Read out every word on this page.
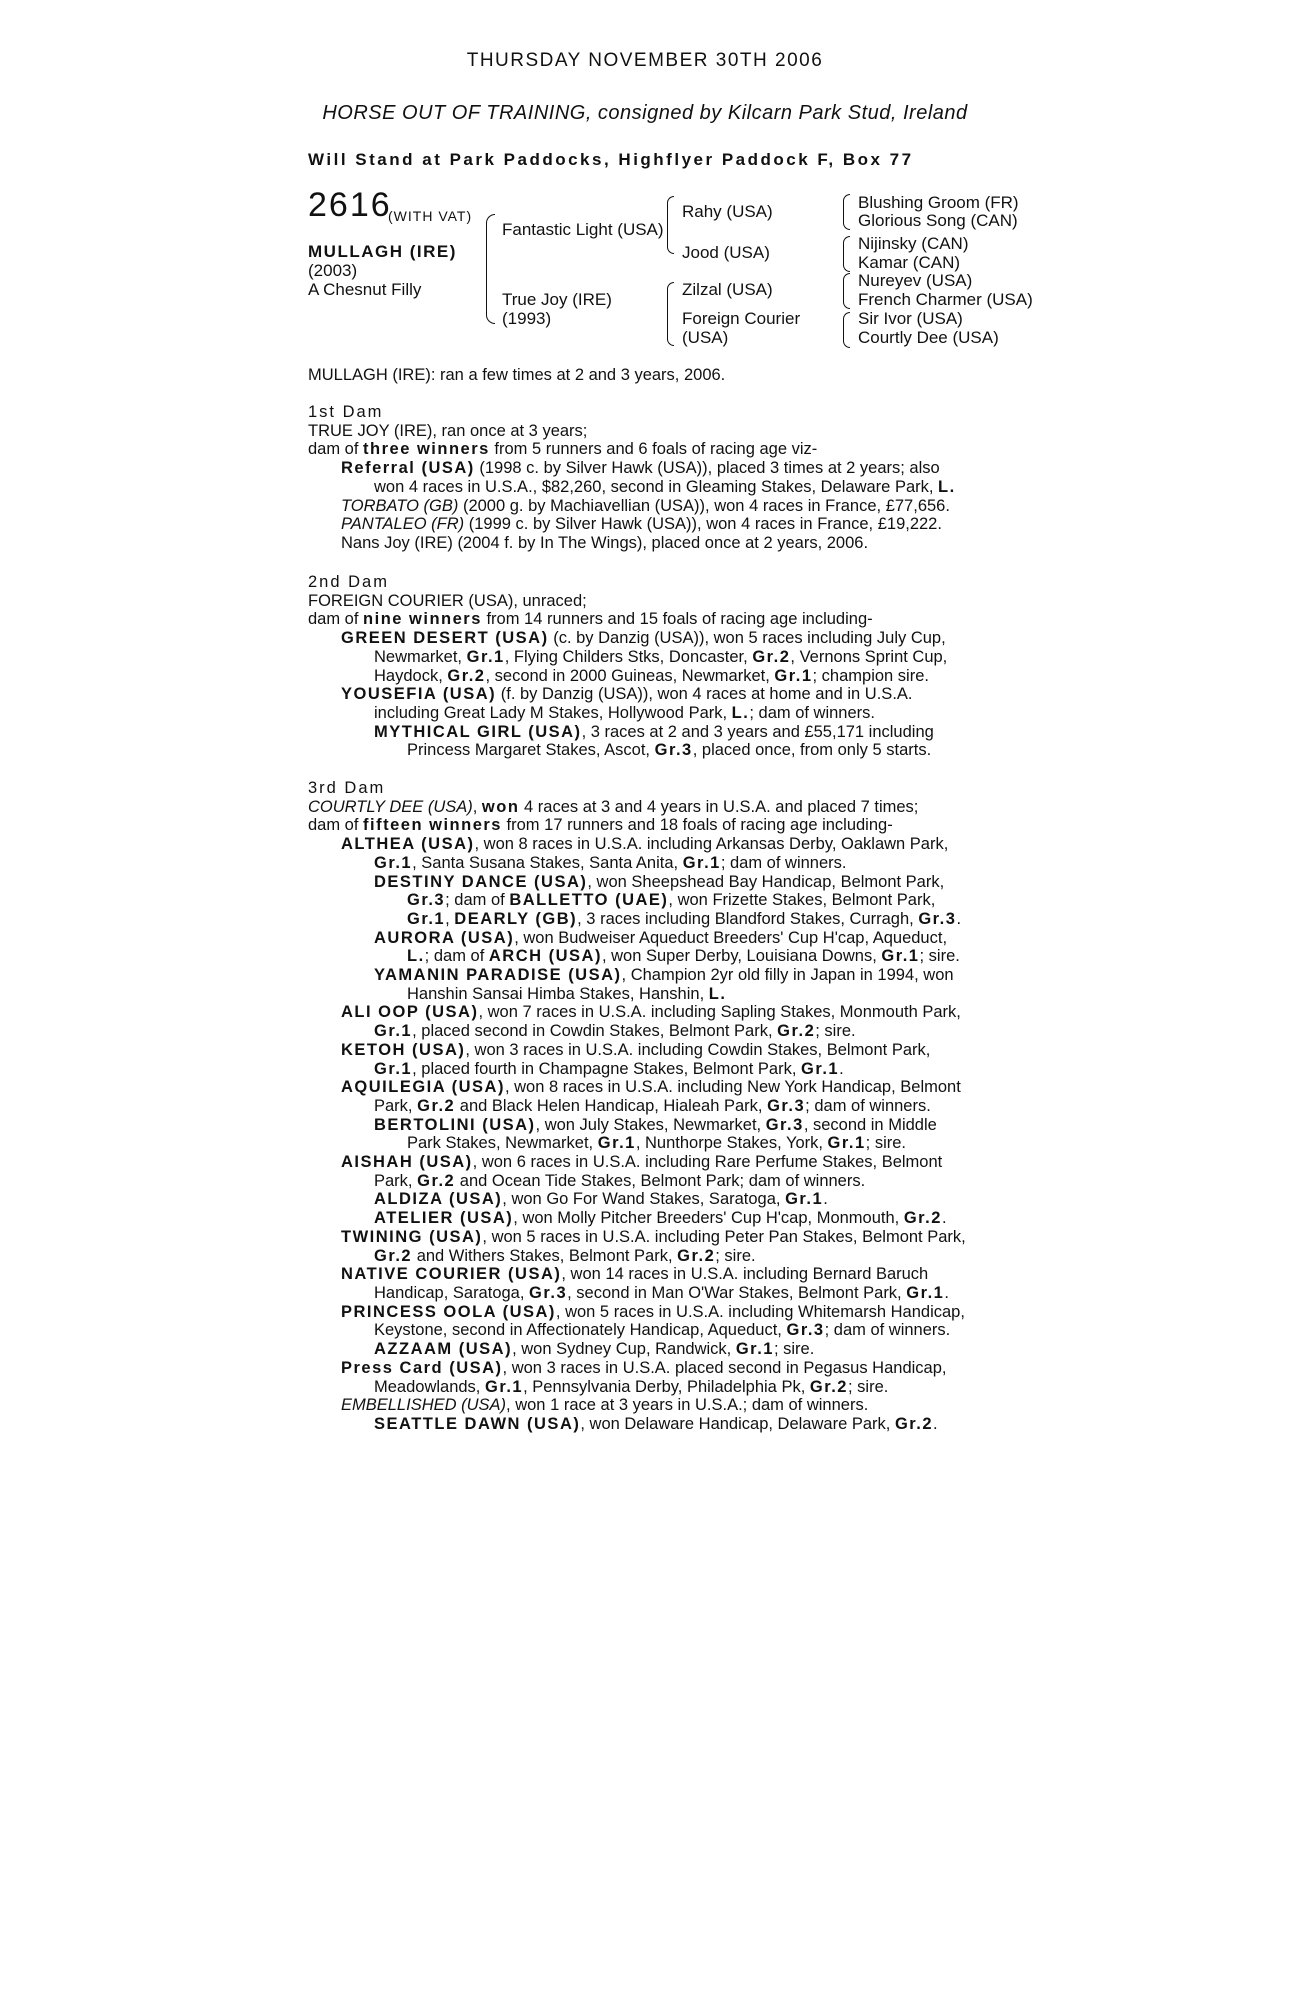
THURSDAY NOVEMBER 30TH 2006
HORSE OUT OF TRAINING, consigned by Kilcarn Park Stud, Ireland
Will Stand at Park Paddocks, Highflyer Paddock F, Box 77
2616
(WITH VAT)
MULLAGH (IRE)
(2003)
A Chesnut Filly
Fantastic Light (USA)
True Joy (IRE)
(1993)
Rahy (USA)
Jood (USA)
Zilzal (USA)
Foreign Courier
(USA)
Blushing Groom (FR)
Glorious Song (CAN)
Nijinsky (CAN)
Kamar (CAN)
Nureyev (USA)
French Charmer (USA)
Sir Ivor (USA)
Courtly Dee (USA)
MULLAGH (IRE): ran a few times at 2 and 3 years, 2006.
1st Dam
TRUE JOY (IRE), ran once at 3 years;
dam of three winners from 5 runners and 6 foals of racing age viz-
Referral (USA) (1998 c. by Silver Hawk (USA)), placed 3 times at 2 years; also
won 4 races in U.S.A., $82,260, second in Gleaming Stakes, Delaware Park, L.
TORBATO (GB) (2000 g. by Machiavellian (USA)), won 4 races in France, £77,656.
PANTALEO (FR) (1999 c. by Silver Hawk (USA)), won 4 races in France, £19,222.
Nans Joy (IRE) (2004 f. by In The Wings), placed once at 2 years, 2006.
2nd Dam
FOREIGN COURIER (USA), unraced;
dam of nine winners from 14 runners and 15 foals of racing age including-
GREEN DESERT (USA) (c. by Danzig (USA)), won 5 races including July Cup,
Newmarket, Gr.1, Flying Childers Stks, Doncaster, Gr.2, Vernons Sprint Cup,
Haydock, Gr.2, second in 2000 Guineas, Newmarket, Gr.1; champion sire.
YOUSEFIA (USA) (f. by Danzig (USA)), won 4 races at home and in U.S.A.
including Great Lady M Stakes, Hollywood Park, L.; dam of winners.
MYTHICAL GIRL (USA), 3 races at 2 and 3 years and £55,171 including
Princess Margaret Stakes, Ascot, Gr.3, placed once, from only 5 starts.
3rd Dam
COURTLY DEE (USA), won 4 races at 3 and 4 years in U.S.A. and placed 7 times;
dam of fifteen winners from 17 runners and 18 foals of racing age including-
ALTHEA (USA), won 8 races in U.S.A. including Arkansas Derby, Oaklawn Park,
Gr.1, Santa Susana Stakes, Santa Anita, Gr.1; dam of winners.
DESTINY DANCE (USA), won Sheepshead Bay Handicap, Belmont Park,
Gr.3; dam of BALLETTO (UAE), won Frizette Stakes, Belmont Park,
Gr.1, DEARLY (GB), 3 races including Blandford Stakes, Curragh, Gr.3.
AURORA (USA), won Budweiser Aqueduct Breeders' Cup H'cap, Aqueduct,
L.; dam of ARCH (USA), won Super Derby, Louisiana Downs, Gr.1; sire.
YAMANIN PARADISE (USA), Champion 2yr old filly in Japan in 1994, won
Hanshin Sansai Himba Stakes, Hanshin, L.
ALI OOP (USA), won 7 races in U.S.A. including Sapling Stakes, Monmouth Park,
Gr.1, placed second in Cowdin Stakes, Belmont Park, Gr.2; sire.
KETOH (USA), won 3 races in U.S.A. including Cowdin Stakes, Belmont Park,
Gr.1, placed fourth in Champagne Stakes, Belmont Park, Gr.1.
AQUILEGIA (USA), won 8 races in U.S.A. including New York Handicap, Belmont
Park, Gr.2 and Black Helen Handicap, Hialeah Park, Gr.3; dam of winners.
BERTOLINI (USA), won July Stakes, Newmarket, Gr.3, second in Middle
Park Stakes, Newmarket, Gr.1, Nunthorpe Stakes, York, Gr.1; sire.
AISHAH (USA), won 6 races in U.S.A. including Rare Perfume Stakes, Belmont
Park, Gr.2 and Ocean Tide Stakes, Belmont Park; dam of winners.
ALDIZA (USA), won Go For Wand Stakes, Saratoga, Gr.1.
ATELIER (USA), won Molly Pitcher Breeders' Cup H'cap, Monmouth, Gr.2.
TWINING (USA), won 5 races in U.S.A. including Peter Pan Stakes, Belmont Park,
Gr.2 and Withers Stakes, Belmont Park, Gr.2; sire.
NATIVE COURIER (USA), won 14 races in U.S.A. including Bernard Baruch
Handicap, Saratoga, Gr.3, second in Man O'War Stakes, Belmont Park, Gr.1.
PRINCESS OOLA (USA), won 5 races in U.S.A. including Whitemarsh Handicap,
Keystone, second in Affectionately Handicap, Aqueduct, Gr.3; dam of winners.
AZZAAM (USA), won Sydney Cup, Randwick, Gr.1; sire.
Press Card (USA), won 3 races in U.S.A. placed second in Pegasus Handicap,
Meadowlands, Gr.1, Pennsylvania Derby, Philadelphia Pk, Gr.2; sire.
EMBELLISHED (USA), won 1 race at 3 years in U.S.A.; dam of winners.
SEATTLE DAWN (USA), won Delaware Handicap, Delaware Park, Gr.2.
